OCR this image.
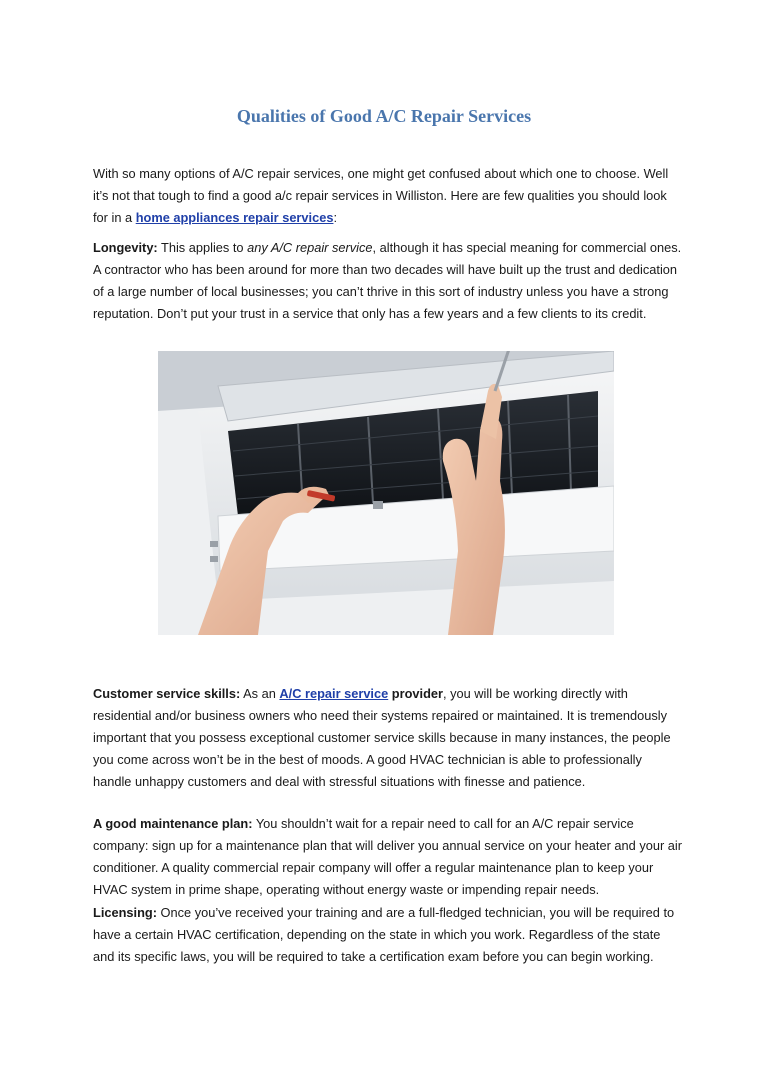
Qualities of Good A/C Repair Services

With so many options of A/C repair services, one might get confused about which one to choose. Well it’s not that tough to find a good a/c repair services in Williston. Here are few qualities you should look for in a home appliances repair services:

Longevity: This applies to any A/C repair service, although it has special meaning for commercial ones. A contractor who has been around for more than two decades will have built up the trust and dedication of a large number of local businesses; you can’t thrive in this sort of industry unless you have a strong reputation. Don’t put your trust in a service that only has a few years and a few clients to its credit.

Customer service skills: As an A/C repair service provider, you will be working directly with residential and/or business owners who need their systems repaired or maintained. It is tremendously important that you possess exceptional customer service skills because in many instances, the people you come across won’t be in the best of moods. A good HVAC technician is able to professionally handle unhappy customers and deal with stressful situations with finesse and patience.

A good maintenance plan: You shouldn’t wait for a repair need to call for an A/C repair service company: sign up for a maintenance plan that will deliver you annual service on your heater and your air conditioner. A quality commercial repair company will offer a regular maintenance plan to keep your HVAC system in prime shape, operating without energy waste or impending repair needs.

Licensing: Once you’ve received your training and are a full-fledged technician, you will be required to have a certain HVAC certification, depending on the state in which you work. Regardless of the state and its specific laws, you will be required to take a certification exam before you can begin working.
